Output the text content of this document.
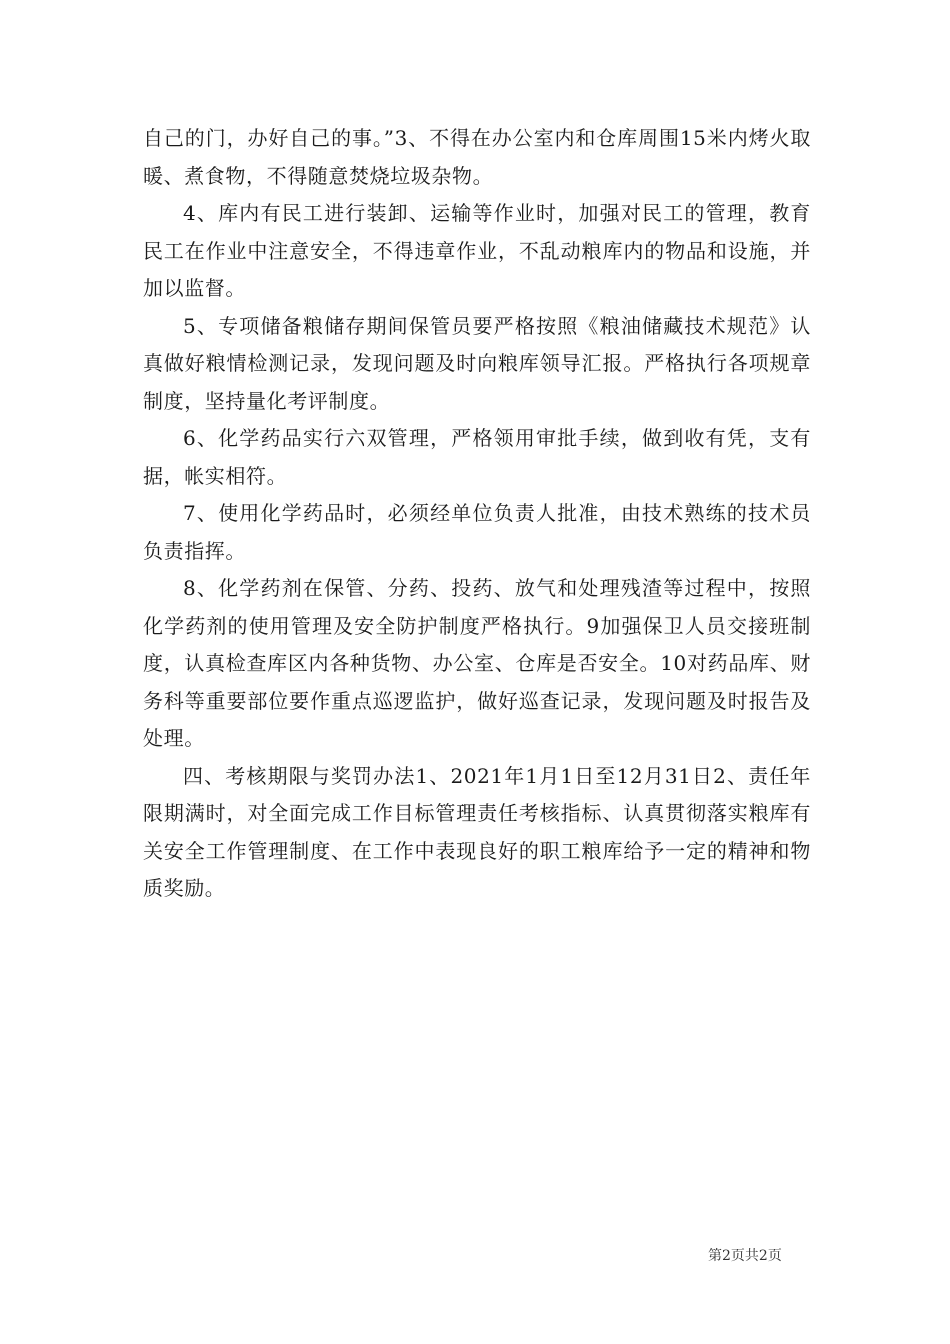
自己的门，办好自己的事。”3、不得在办公室内和仓库周围15米内烤火取暖、煮食物，不得随意焚烧垃圾杂物。

4、库内有民工进行装卸、运输等作业时，加强对民工的管理，教育民工在作业中注意安全，不得违章作业，不乱动粮库内的物品和设施，并加以监督。

5、专项储备粮储存期间保管员要严格按照《粮油储藏技术规范》认真做好粮情检测记录，发现问题及时向粮库领导汇报。严格执行各项规章制度，坚持量化考评制度。

6、化学药品实行六双管理，严格领用审批手续，做到收有凭，支有据，帐实相符。

7、使用化学药品时，必须经单位负责人批准，由技术熟练的技术员负责指挥。

8、化学药剂在保管、分药、投药、放气和处理残渣等过程中，按照化学药剂的使用管理及安全防护制度严格执行。9加强保卫人员交接班制度，认真检查库区内各种货物、办公室、仓库是否安全。10对药品库、财务科等重要部位要作重点巡逻监护，做好巡查记录，发现问题及时报告及处理。

四、考核期限与奖罚办法1、2021年1月1日至12月31日2、责任年限期满时，对全面完成工作目标管理责任考核指标、认真贯彻落实粮库有关安全工作管理制度、在工作中表现良好的职工粮库给予一定的精神和物质奖励。

第2页共2页
